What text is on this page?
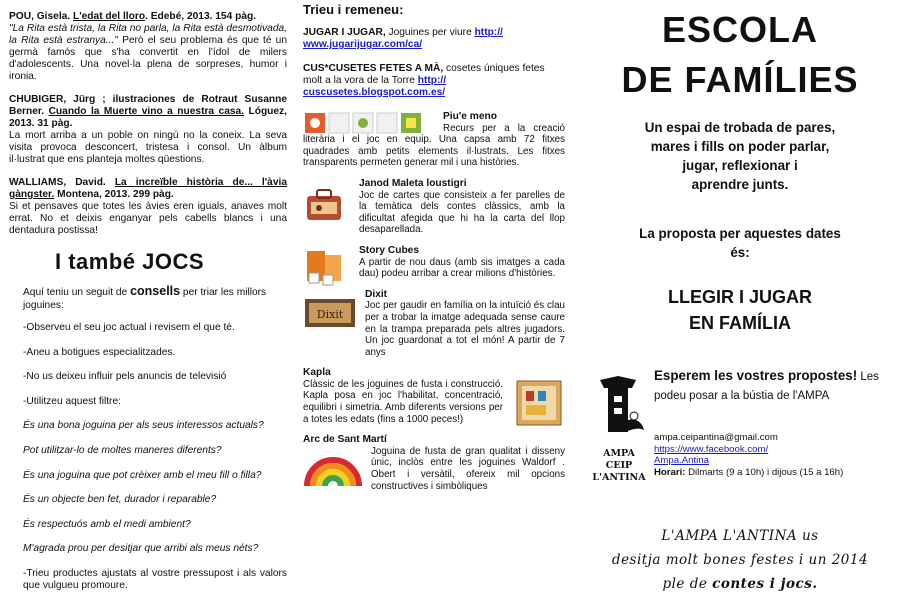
POU, Gisela. L'edat del lloro. Edebé, 2013. 154 pàg.
"La Rita està trista, la Rita no parla, la Rita està desmotivada, la Rita està estranya..." Però el seu problema és que té un germà famós que s'ha convertit en l'ídol de milers d'adolescents. Una novel·la plena de sorpreses, humor i ironia.
CHUBIGER, Jürg ; ilustraciones de Rotraut Susanne Berner. Cuando la Muerte vino a nuestra casa. Lóguez, 2013. 31 pàg.
La mort arriba a un poble on ningú no la coneix. La seva visita provoca desconcert, tristesa i consol. Un àlbum il·lustrat que ens planteja moltes qüestions.
WALLIAMS, David. La increïble història de... l'àvia gàngster. Montena, 2013. 299 pàg.
Si et pensaves que totes les àvies eren iguals, anaves molt errat. No et deixis enganyar pels cabells blancs i una dentadura postissa!
I també JOCS
Aquí teniu un seguit de consells per triar les millors joguines:
-Observeu el seu joc actual i revisem el que té.
-Aneu a botigues especialitzades.
-No us deixeu influir pels anuncis de televisió
-Utilitzeu aquest filtre:
És una bona joguina per als seus interessos actuals?
Pot utilitzar-lo de moltes maneres diferents?
És una joguina que pot crèixer amb el meu fill o filla?
És un objecte ben fet, durador i reparable?
És respectuós amb el medi ambient?
M'agrada prou per desitjar que arribi als meus néts?
-Trieu productes ajustats al vostre pressupost i als valors que vulgueu promoure.
Trieu i remeneu:
JUGAR I JUGAR, Joguines per viure http://
www.jugarijugar.com/ca/
CUS*CUSETES FETES A MÀ, cosetes úniques fetes molt a la vora de la Torre http://
cuscusetes.blogspot.com.es/
Piu'e meno

Recurs per a la creació literària i el joc en equip. Una capsa amb 72 fitxes quadrades amb petits elements il·lustrats. Les fitxes transparents permeten generar mil i una històries.
Janod Maleta loustigri
Joc de cartes que consisteix a fer parelles de la temàtica dels contes clàssics, amb la dificultat afegida que hi ha la carta del llop desaparellada.
Story Cubes
A partir de nou daus (amb sis imatges a cada dau) podeu arribar a crear milions d'històries.
Dixit
Dixit
Joc per gaudir en família on la intuïció és clau per a trobar la imatge adequada sense caure en la trampa preparada pels altres jugadors. Un joc guardonat a tot el món! A partir de 7 anys
Kapla
Clàssic de les joguines de fusta i construcció. Kapla posa en joc l'habilitat, concentració, equilibri i simetria. Amb diferents versions per a totes les edats (fins a 1000 peces!)
Arc de Sant Martí
Joguina de fusta de gran qualitat i disseny únic, inclòs entre les joguines Waldorf . Obert i versàtil, ofereix mil opcions constructives i simbòliques
ESCOLA
DE FAMÍLIES
Un espai de trobada de pares,
mares i fills on poder parlar,
jugar, reflexionar i
aprendre junts.
La proposta per aquestes dates
és:
LLEGIR I JUGAR
EN FAMÍLIA
AMPA
CEIP
L'ANTINA
Esperem les vostres propostes! Les podeu posar a la bústia de l'AMPA
ampa.ceipantina@gmail.com
https://www.facebook.com/
Ampa.Antina
Horari: Dilmarts (9 a 10h) i dijous (15 a 16h)
L'AMPA L'ANTINA us
desitja molt bones festes i un 2014
ple de contes i jocs.
